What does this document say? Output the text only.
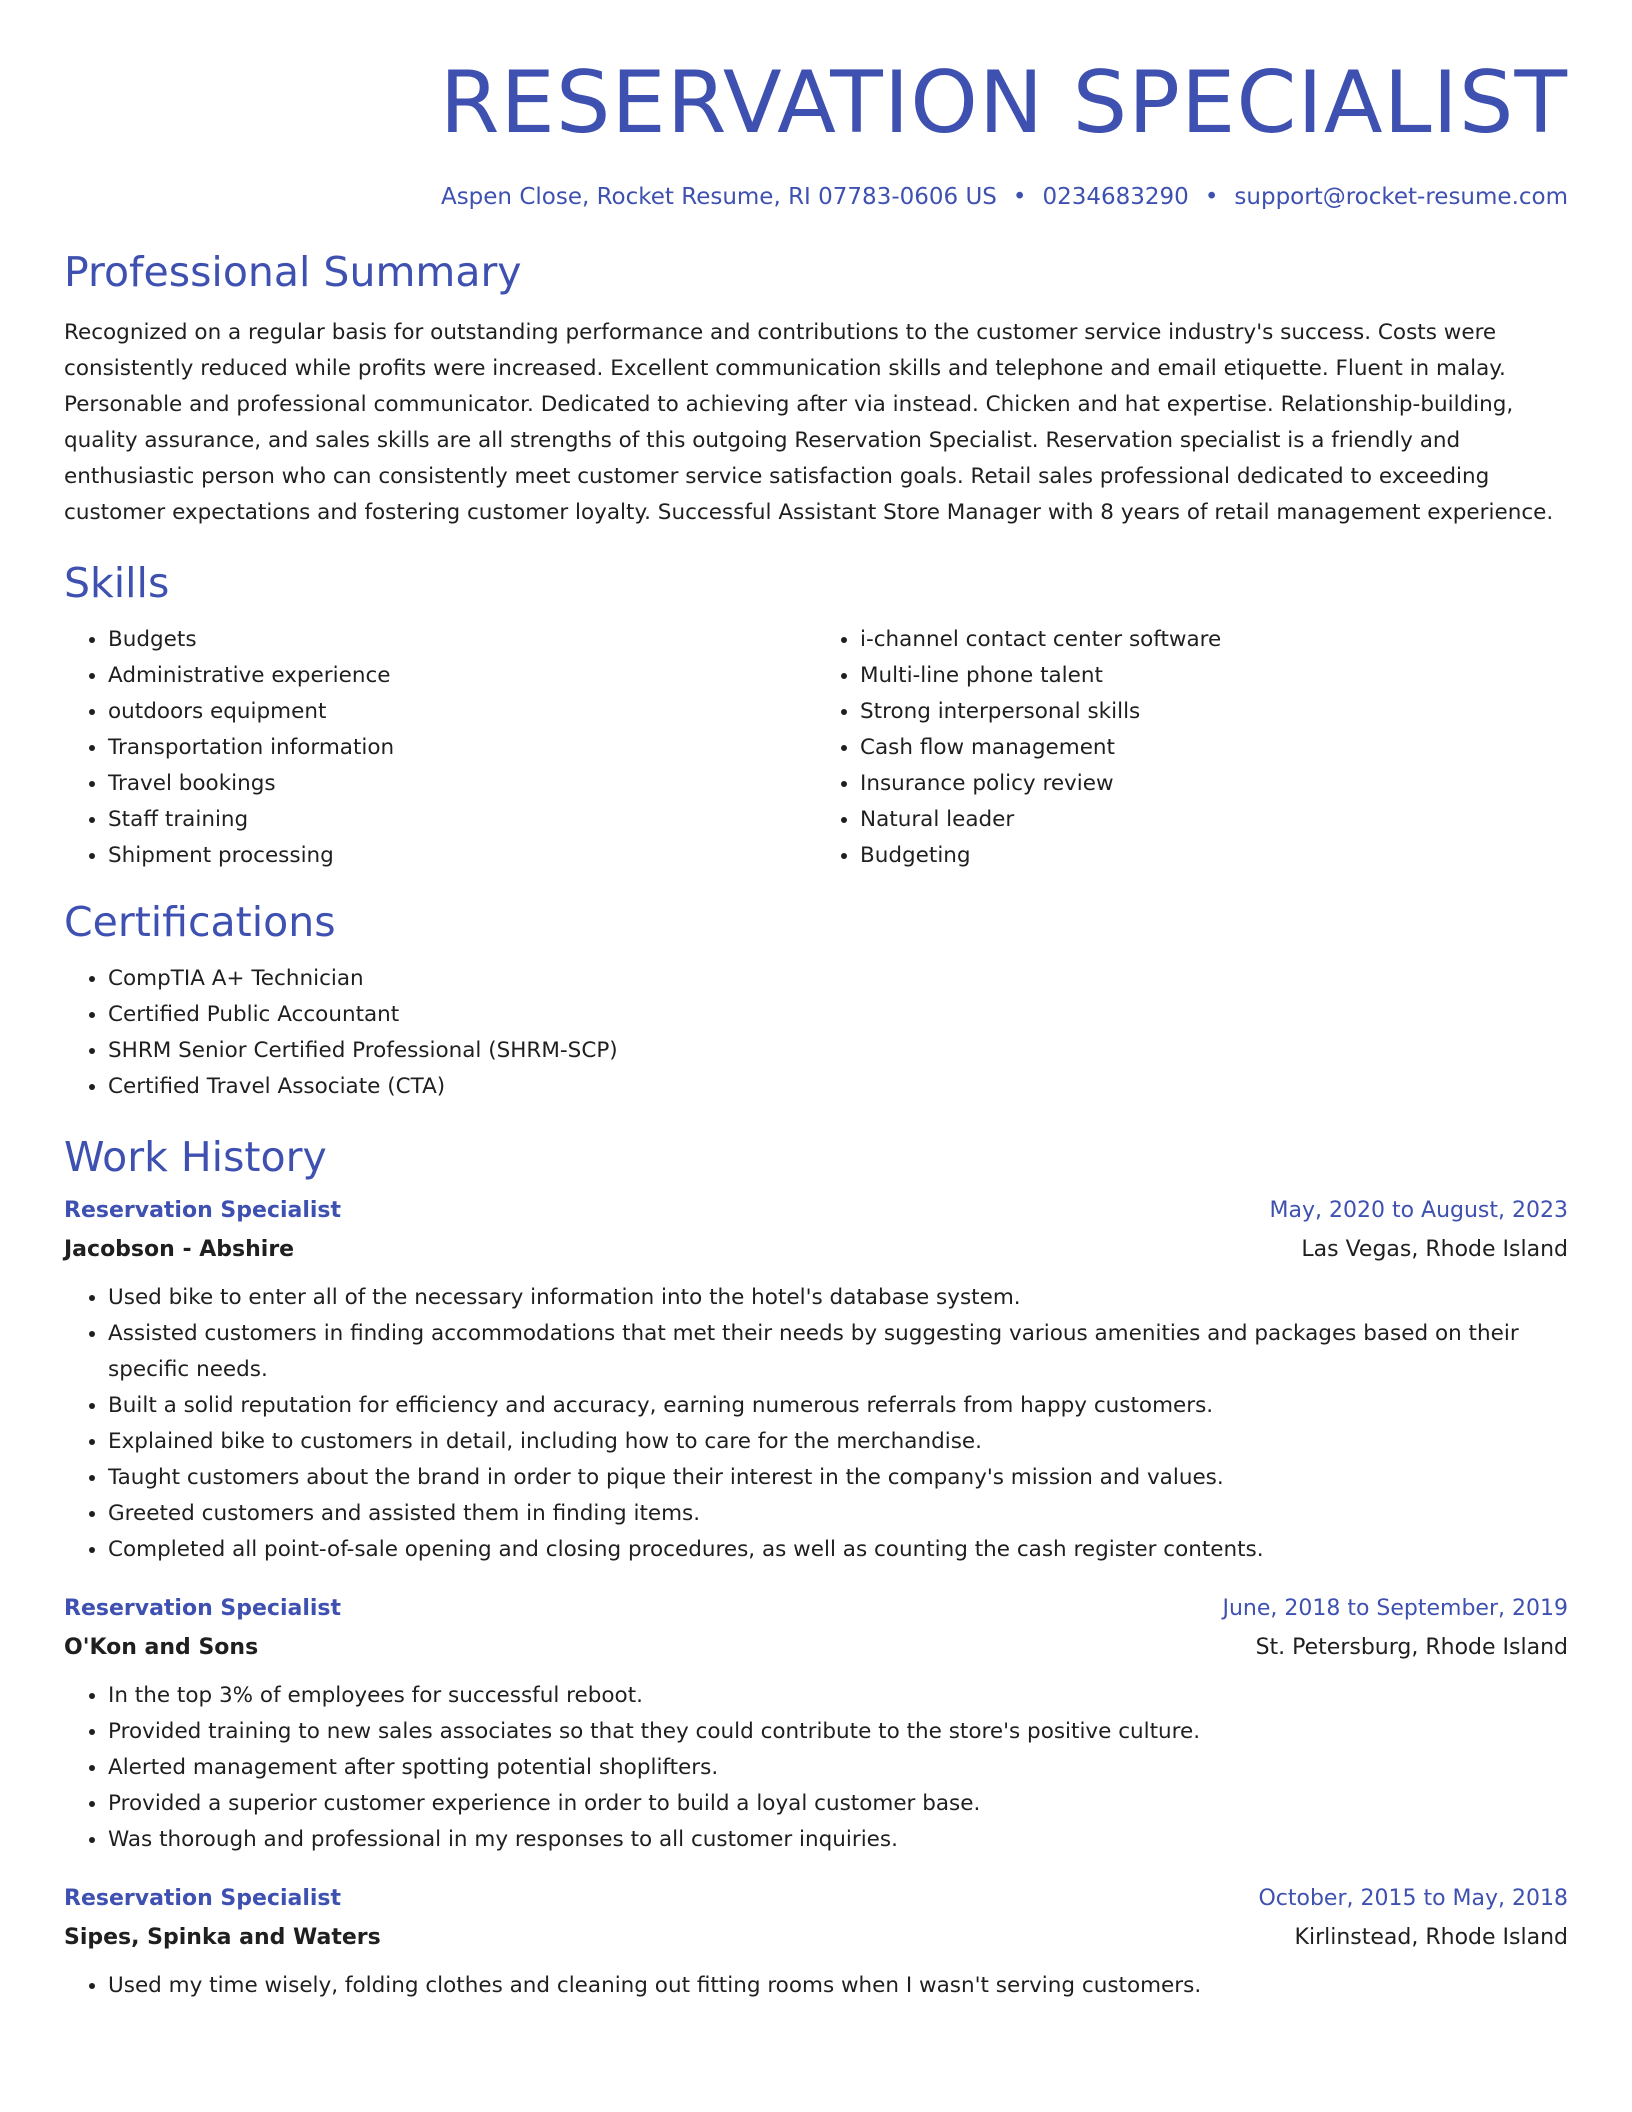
RESERVATION SPECIALIST
Aspen Close, Rocket Resume, RI 07783-0606 US • 0234683290 • support@rocket-resume.com
Professional Summary
Recognized on a regular basis for outstanding performance and contributions to the customer service industry's success. Costs were consistently reduced while profits were increased. Excellent communication skills and telephone and email etiquette. Fluent in malay. Personable and professional communicator. Dedicated to achieving after via instead. Chicken and hat expertise. Relationship-building, quality assurance, and sales skills are all strengths of this outgoing Reservation Specialist. Reservation specialist is a friendly and enthusiastic person who can consistently meet customer service satisfaction goals. Retail sales professional dedicated to exceeding customer expectations and fostering customer loyalty. Successful Assistant Store Manager with 8 years of retail management experience.
Skills
• Budgets
• Administrative experience
• outdoors equipment
• Transportation information
• Travel bookings
• Staff training
• Shipment processing
• i-channel contact center software
• Multi-line phone talent
• Strong interpersonal skills
• Cash flow management
• Insurance policy review
• Natural leader
• Budgeting
Certifications
• CompTIA A+ Technician
• Certified Public Accountant
• SHRM Senior Certified Professional (SHRM-SCP)
• Certified Travel Associate (CTA)
Work History
Reservation Specialist	May, 2020 to August, 2023
Jacobson - Abshire	Las Vegas, Rhode Island
• Used bike to enter all of the necessary information into the hotel's database system.
• Assisted customers in finding accommodations that met their needs by suggesting various amenities and packages based on their specific needs.
• Built a solid reputation for efficiency and accuracy, earning numerous referrals from happy customers.
• Explained bike to customers in detail, including how to care for the merchandise.
• Taught customers about the brand in order to pique their interest in the company's mission and values.
• Greeted customers and assisted them in finding items.
• Completed all point-of-sale opening and closing procedures, as well as counting the cash register contents.
Reservation Specialist	June, 2018 to September, 2019
O'Kon and Sons	St. Petersburg, Rhode Island
• In the top 3% of employees for successful reboot.
• Provided training to new sales associates so that they could contribute to the store's positive culture.
• Alerted management after spotting potential shoplifters.
• Provided a superior customer experience in order to build a loyal customer base.
• Was thorough and professional in my responses to all customer inquiries.
Reservation Specialist	October, 2015 to May, 2018
Sipes, Spinka and Waters	Kirlinstead, Rhode Island
• Used my time wisely, folding clothes and cleaning out fitting rooms when I wasn't serving customers.
